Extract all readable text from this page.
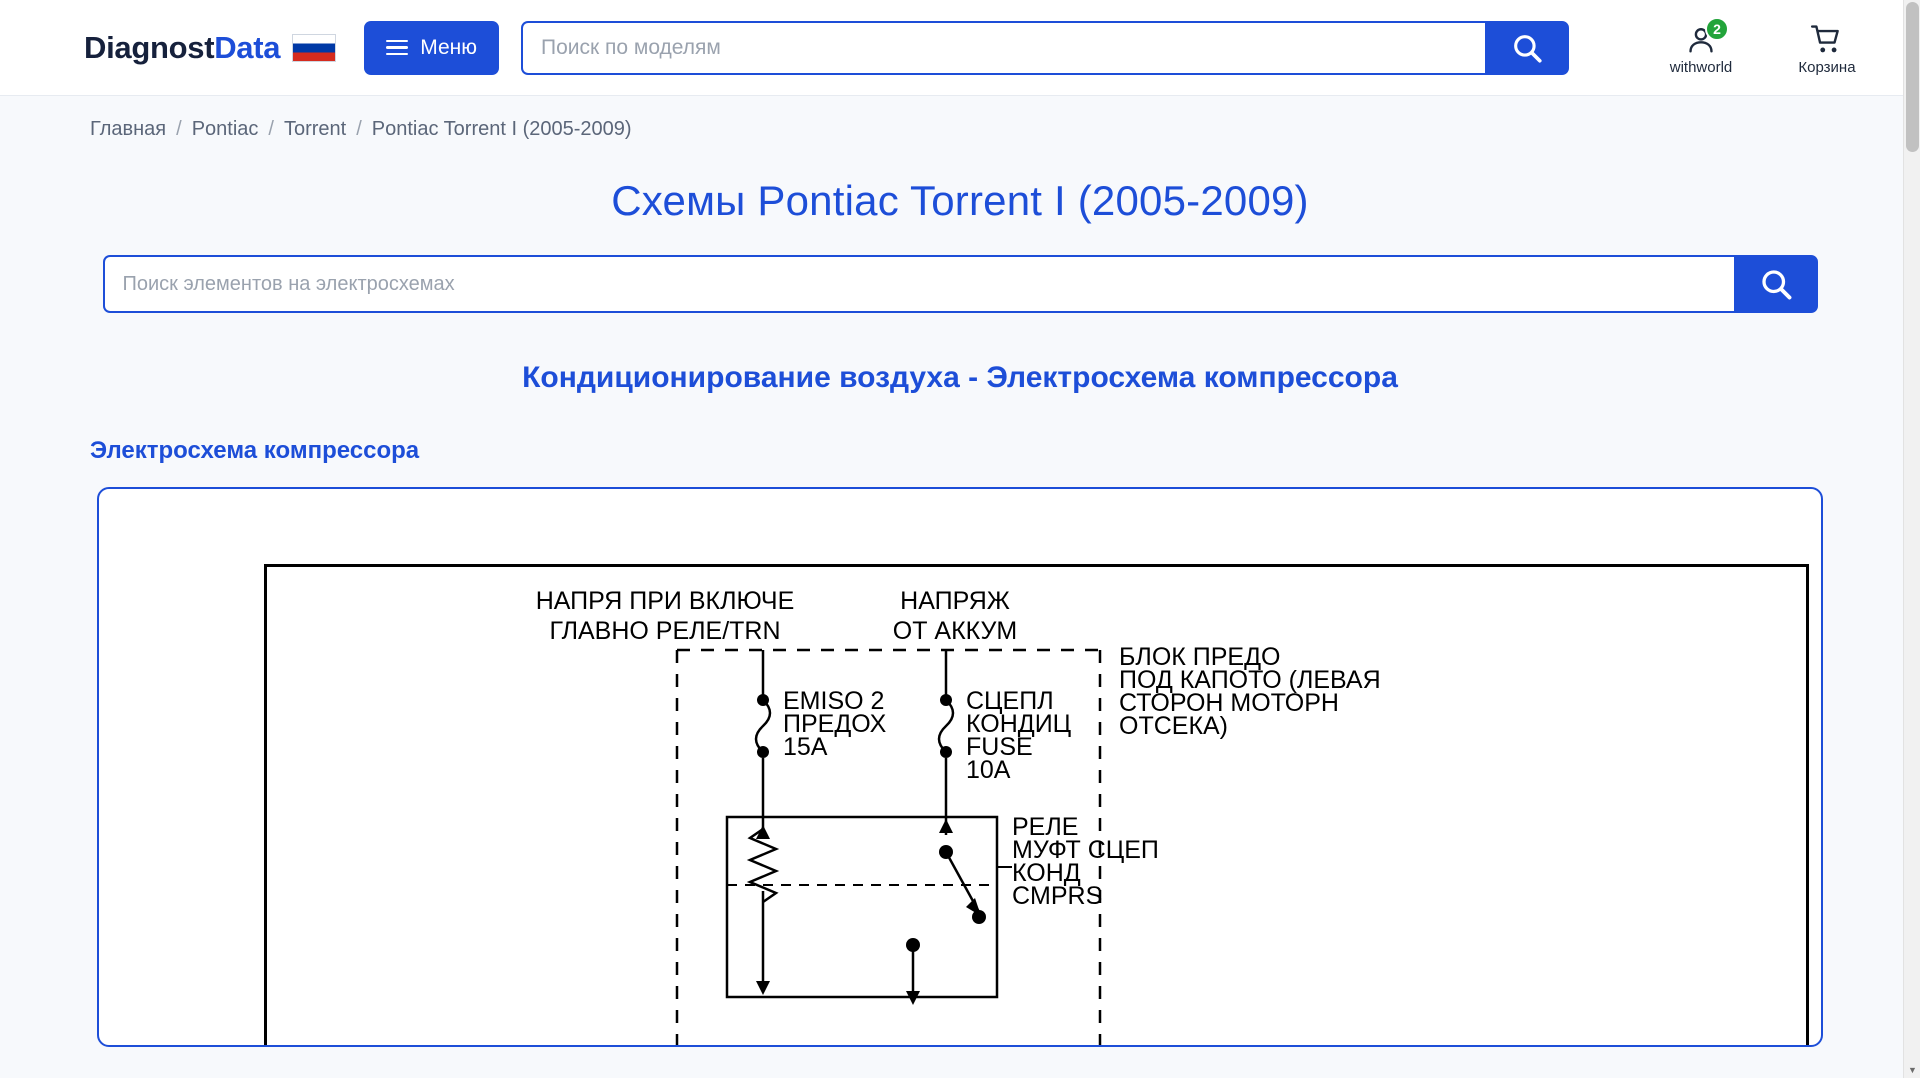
DiagnostData	Меню
Поиск по моделям
2
withworld	Корзина
Главная / Pontiac / Torrent / Pontiac Torrent I (2005-2009)
Схемы Pontiac Torrent I (2005-2009)
Поиск элементов на электросхемах
Кондиционирование воздуха - Электросхема компрессора
Электросхема компрессора
НАПРЯ ПРИ ВКЛЮЧЕ
ГЛАВНО РЕЛЕ/TRN
НАПРЯЖ
ОТ АККУМ
БЛОК ПРЕДО
ПОД КАПОТО (ЛЕВАЯ
СТОРОН МОТОРН
ОТСЕКА)
EMISO 2
ПРЕДОХ
15A
СЦЕПЛ
КОНДИЦ
FUSE
10A
РЕЛЕ
МУФТ СЦЕП
КОНД
CMPRS
▼
